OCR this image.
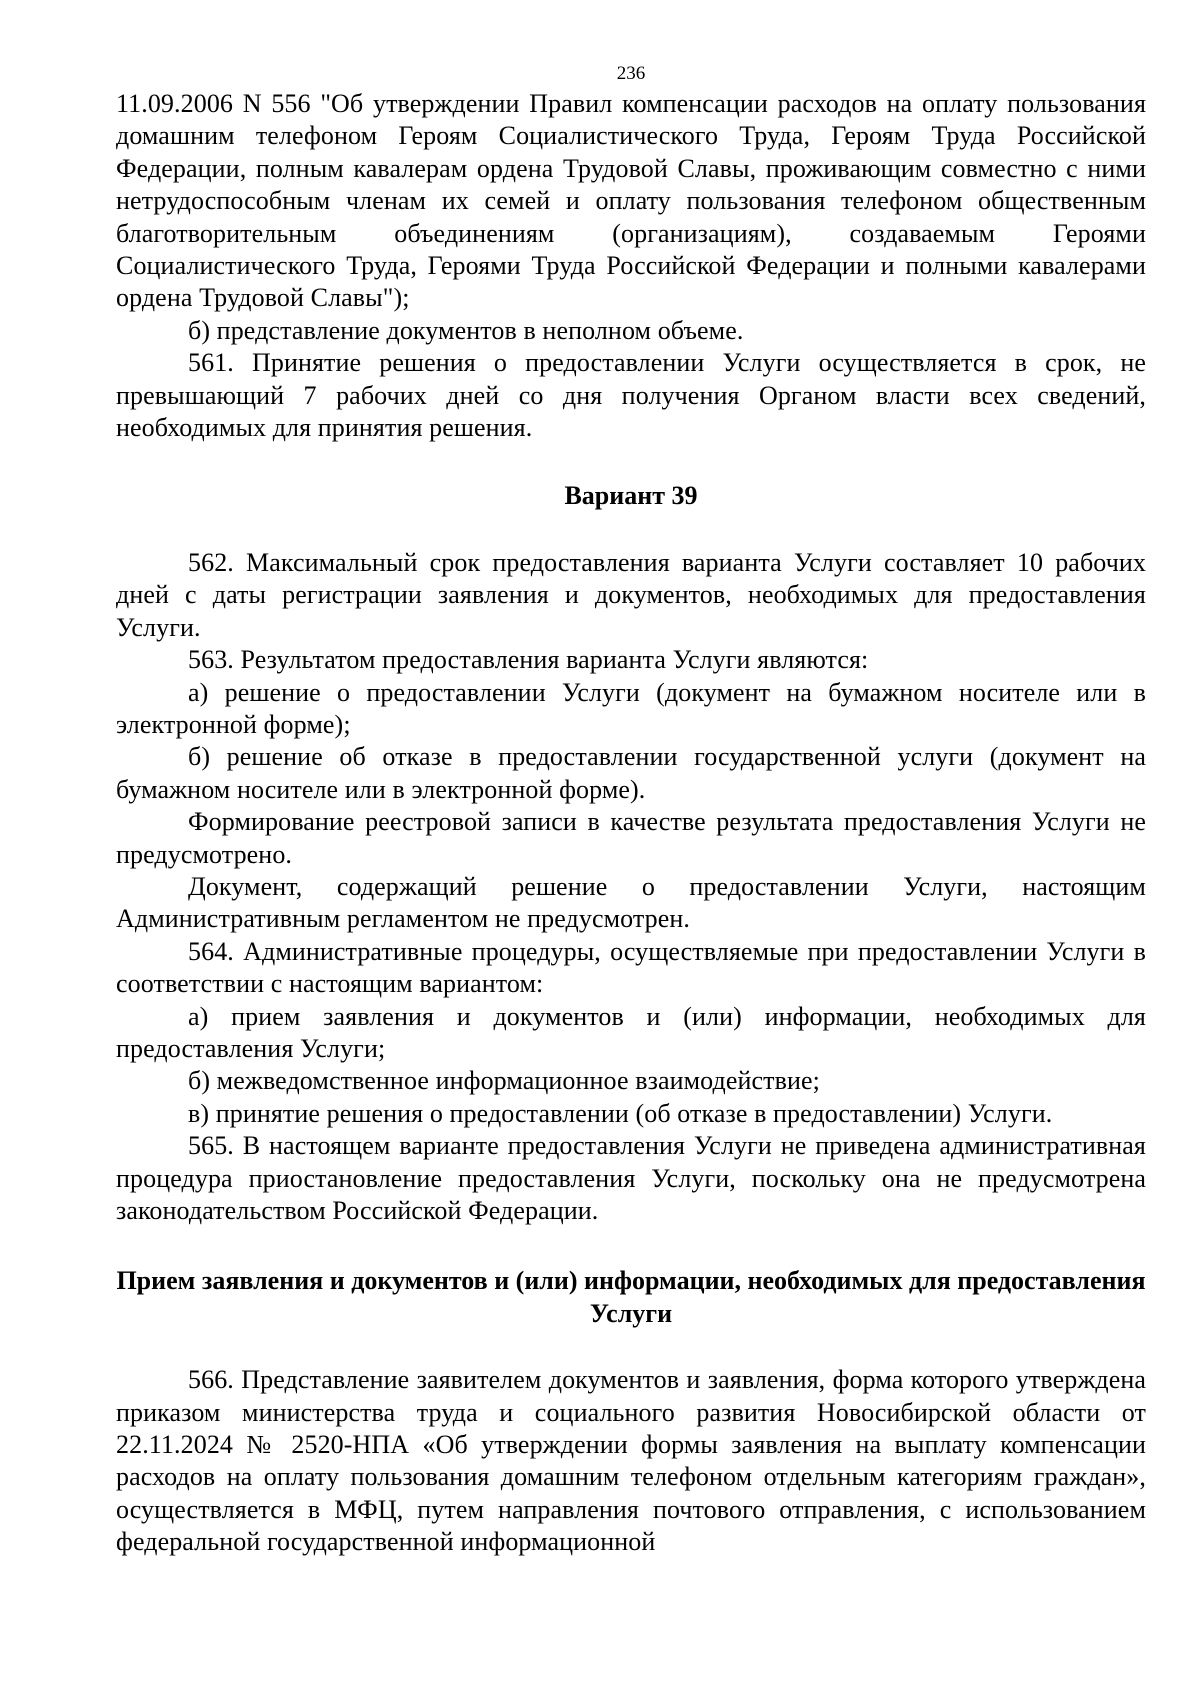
236

11.09.2006 N 556 "Об утверждении Правил компенсации расходов на оплату пользования домашним телефоном Героям Социалистического Труда, Героям Труда Российской Федерации, полным кавалерам ордена Трудовой Славы, проживающим совместно с ними нетрудоспособным членам их семей и оплату пользования телефоном общественным благотворительным объединениям (организациям), создаваемым Героями Социалистического Труда, Героями Труда Российской Федерации и полными кавалерами ордена Трудовой Славы");

б) представление документов в неполном объеме.

561. Принятие решения о предоставлении Услуги осуществляется в срок, не превышающий 7 рабочих дней со дня получения Органом власти всех сведений, необходимых для принятия решения.

Вариант 39

562. Максимальный срок предоставления варианта Услуги составляет 10 рабочих дней с даты регистрации заявления и документов, необходимых для предоставления Услуги.

563. Результатом предоставления варианта Услуги являются:

а) решение о предоставлении Услуги (документ на бумажном носителе или в электронной форме);

б) решение об отказе в предоставлении государственной услуги (документ на бумажном носителе или в электронной форме).

Формирование реестровой записи в качестве результата предоставления Услуги не предусмотрено.

Документ, содержащий решение о предоставлении Услуги, настоящим Административным регламентом не предусмотрен.

564. Административные процедуры, осуществляемые при предоставлении Услуги в соответствии с настоящим вариантом:

а) прием заявления и документов и (или) информации, необходимых для предоставления Услуги;

б) межведомственное информационное взаимодействие;

в) принятие решения о предоставлении (об отказе в предоставлении) Услуги.

565. В настоящем варианте предоставления Услуги не приведена административная процедура приостановление предоставления Услуги, поскольку она не предусмотрена законодательством Российской Федерации.

Прием заявления и документов и (или) информации, необходимых для предоставления Услуги

566. Представление заявителем документов и заявления, форма которого утверждена приказом министерства труда и социального развития Новосибирской области от 22.11.2024 № 2520-НПА «Об утверждении формы заявления на выплату компенсации расходов на оплату пользования домашним телефоном отдельным категориям граждан», осуществляется в МФЦ, путем направления почтового отправления, с использованием федеральной государственной информационной
